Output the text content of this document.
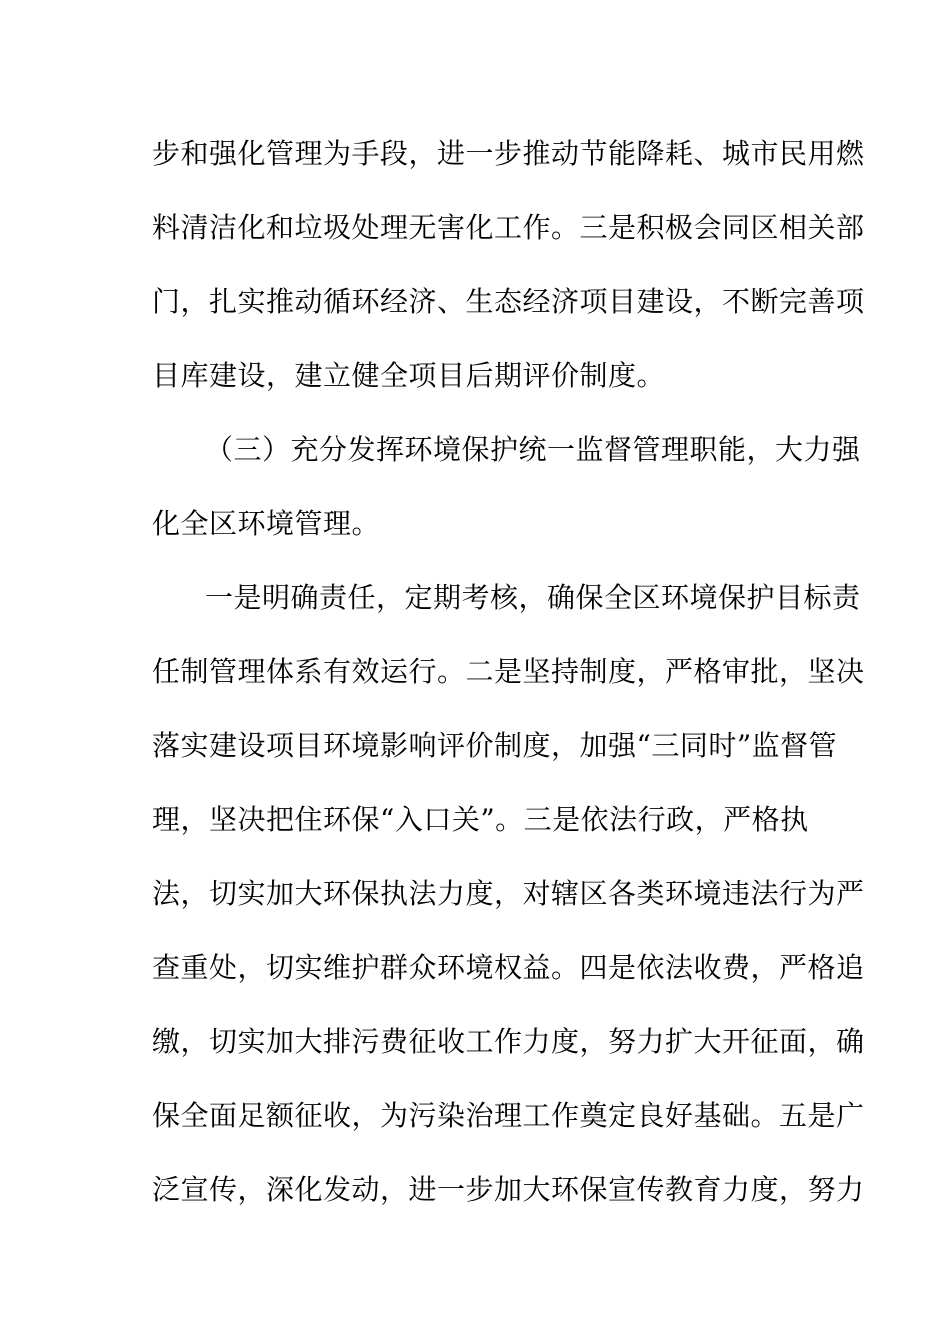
步和强化管理为手段，进一步推动节能降耗、城市民用燃
料清洁化和垃圾处理无害化工作。三是积极会同区相关部
门，扎实推动循环经济、生态经济项目建设，不断完善项
目库建设，建立健全项目后期评价制度。
（三）充分发挥环境保护统一监督管理职能，大力强
化全区环境管理。
一是明确责任，定期考核，确保全区环境保护目标责
任制管理体系有效运行。二是坚持制度，严格审批，坚决
落实建设项目环境影响评价制度，加强“三同时”监督管
理，坚决把住环保“入口关”。三是依法行政，严格执
法，切实加大环保执法力度，对辖区各类环境违法行为严
查重处，切实维护群众环境权益。四是依法收费，严格追
缴，切实加大排污费征收工作力度，努力扩大开征面，确
保全面足额征收，为污染治理工作奠定良好基础。五是广
泛宣传，深化发动，进一步加大环保宣传教育力度，努力
